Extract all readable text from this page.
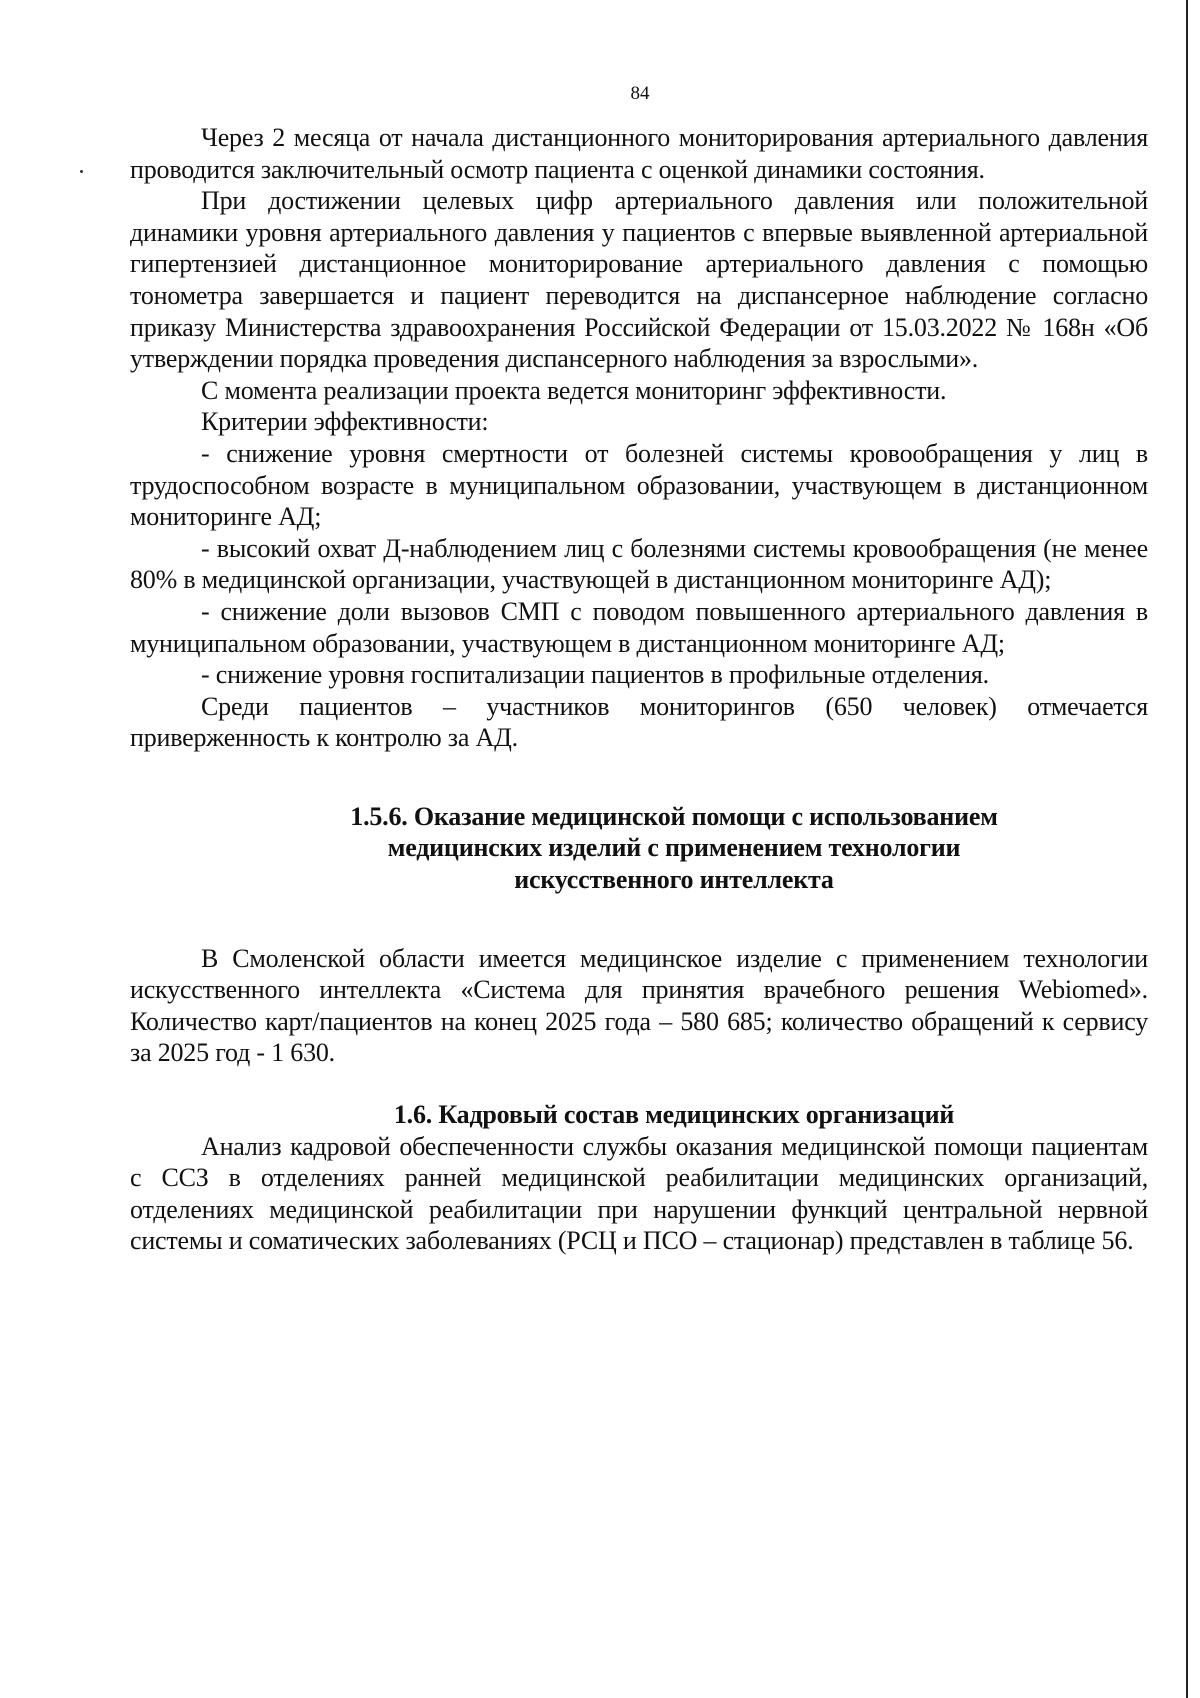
84

Через 2 месяца от начала дистанционного мониторирования артериального давления проводится заключительный осмотр пациента с оценкой динамики состояния.

При достижении целевых цифр артериального давления или положительной динамики уровня артериального давления у пациентов с впервые выявленной артериальной гипертензией дистанционное мониторирование артериального давления с помощью тонометра завершается и пациент переводится на диспансерное наблюдение согласно приказу Министерства здравоохранения Российской Федерации от 15.03.2022 № 168н «Об утверждении порядка проведения диспансерного наблюдения за взрослыми».

С момента реализации проекта ведется мониторинг эффективности.

Критерии эффективности:

- снижение уровня смертности от болезней системы кровообращения у лиц в трудоспособном возрасте в муниципальном образовании, участвующем в дистанционном мониторинге АД;

- высокий охват Д-наблюдением лиц с болезнями системы кровообращения (не менее 80% в медицинской организации, участвующей в дистанционном мониторинге АД);

- снижение доли вызовов СМП с поводом повышенного артериального давления в муниципальном образовании, участвующем в дистанционном мониторинге АД;

- снижение уровня госпитализации пациентов в профильные отделения.

Среди пациентов – участников мониторингов (650 человек) отмечается приверженность к контролю за АД.

1.5.6. Оказание медицинской помощи с использованием
медицинских изделий с применением технологии
искусственного интеллекта

В Смоленской области имеется медицинское изделие с применением технологии искусственного интеллекта «Система для принятия врачебного решения Webiomed». Количество карт/пациентов на конец 2025 года – 580 685; количество обращений к сервису за 2025 год - 1 630.

1.6. Кадровый состав медицинских организаций

Анализ кадровой обеспеченности службы оказания медицинской помощи пациентам с ССЗ в отделениях ранней медицинской реабилитации медицинских организаций, отделениях медицинской реабилитации при нарушении функций центральной нервной системы и соматических заболеваниях (РСЦ и ПСО – стационар) представлен в таблице 56.
